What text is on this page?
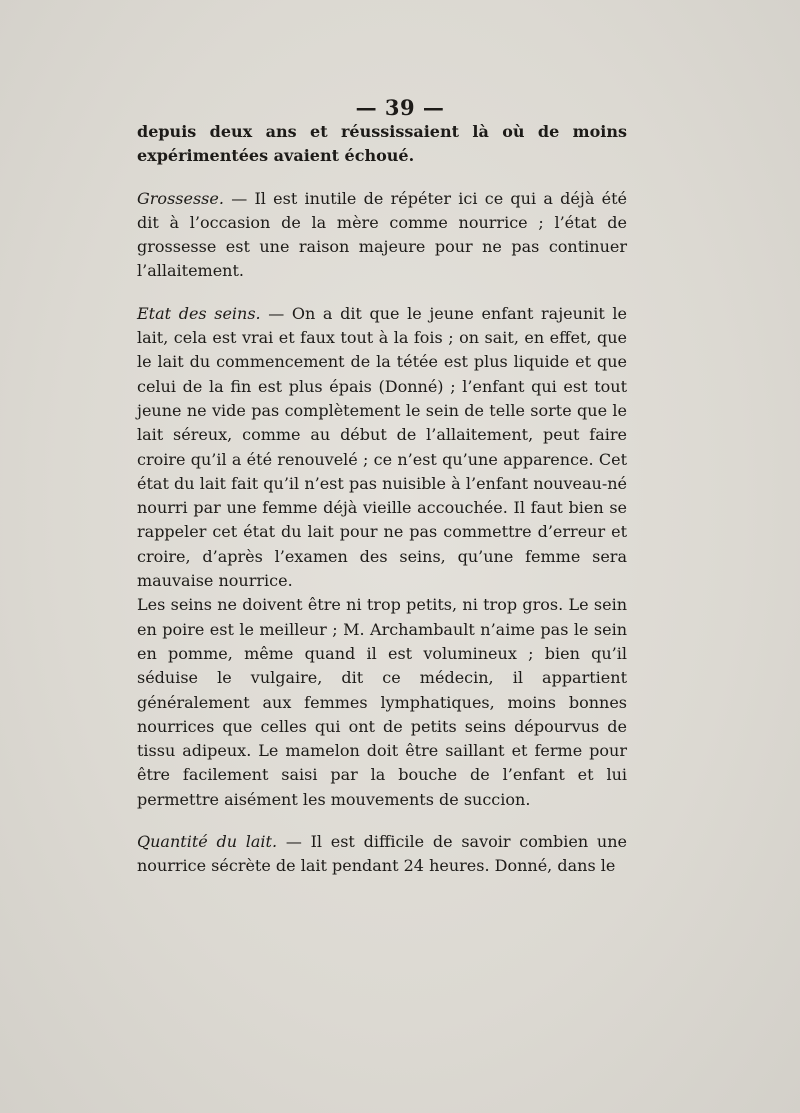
— 39 —

depuis deux ans et réussissaient là où de moins expérimentées avaient échoué.

Grossesse. — Il est inutile de répéter ici ce qui a déjà été dit à l’occasion de la mère comme nourrice ; l’état de grossesse est une raison majeure pour ne pas continuer l’allaitement.

Etat des seins. — On a dit que le jeune enfant rajeunit le lait, cela est vrai et faux tout à la fois ; on sait, en effet, que le lait du commencement de la tétée est plus liquide et que celui de la fin est plus épais (Donné) ; l’enfant qui est tout jeune ne vide pas complètement le sein de telle sorte que le lait séreux, comme au début de l’allaitement, peut faire croire qu’il a été renouvelé ; ce n’est qu’une apparence. Cet état du lait fait qu’il n’est pas nuisible à l’enfant nouveau-né nourri par une femme déjà vieille accouchée. Il faut bien se rappeler cet état du lait pour ne pas commettre d’erreur et croire, d’après l’examen des seins, qu’une femme sera mauvaise nourrice.

Les seins ne doivent être ni trop petits, ni trop gros. Le sein en poire est le meilleur ; M. Archambault n’aime pas le sein en pomme, même quand il est volumineux ; bien qu’il séduise le vulgaire, dit ce médecin, il appartient généralement aux femmes lymphatiques, moins bonnes nourrices que celles qui ont de petits seins dépourvus de tissu adipeux. Le mamelon doit être saillant et ferme pour être facilement saisi par la bouche de l’enfant et lui permettre aisément les mouvements de succion.

Quantité du lait. — Il est difficile de savoir combien une nourrice sécrète de lait pendant 24 heures. Donné, dans le
